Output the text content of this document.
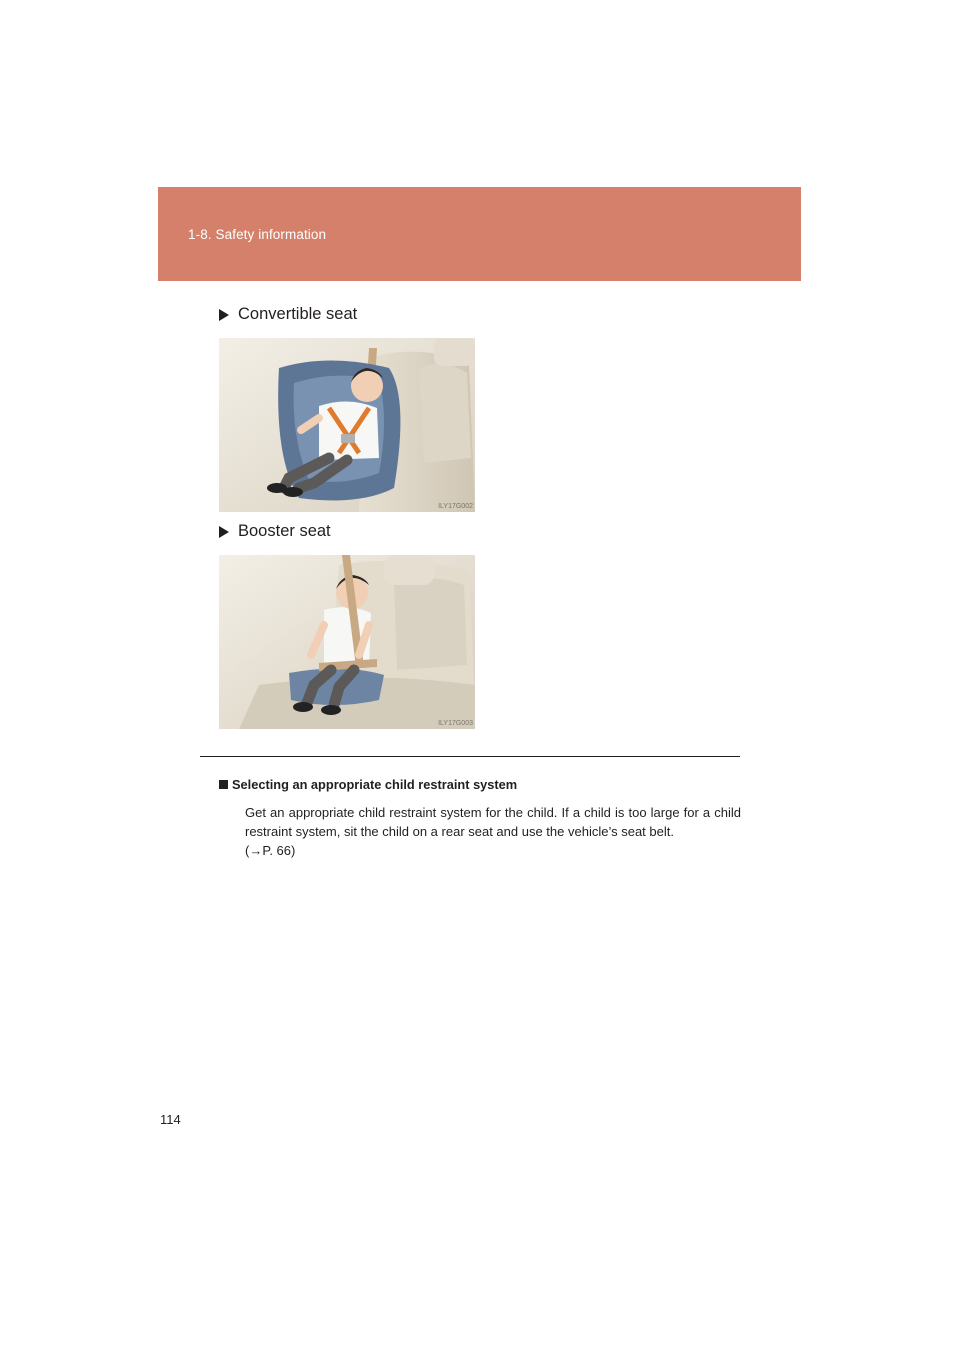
1-8. Safety information
Convertible seat
ILY17G002
Booster seat
ILY17G003
Selecting an appropriate child restraint system
Get an appropriate child restraint system for the child. If a child is too large for a child restraint system, sit the child on a rear seat and use the vehicle’s seat belt.
(→P. 66)
114
